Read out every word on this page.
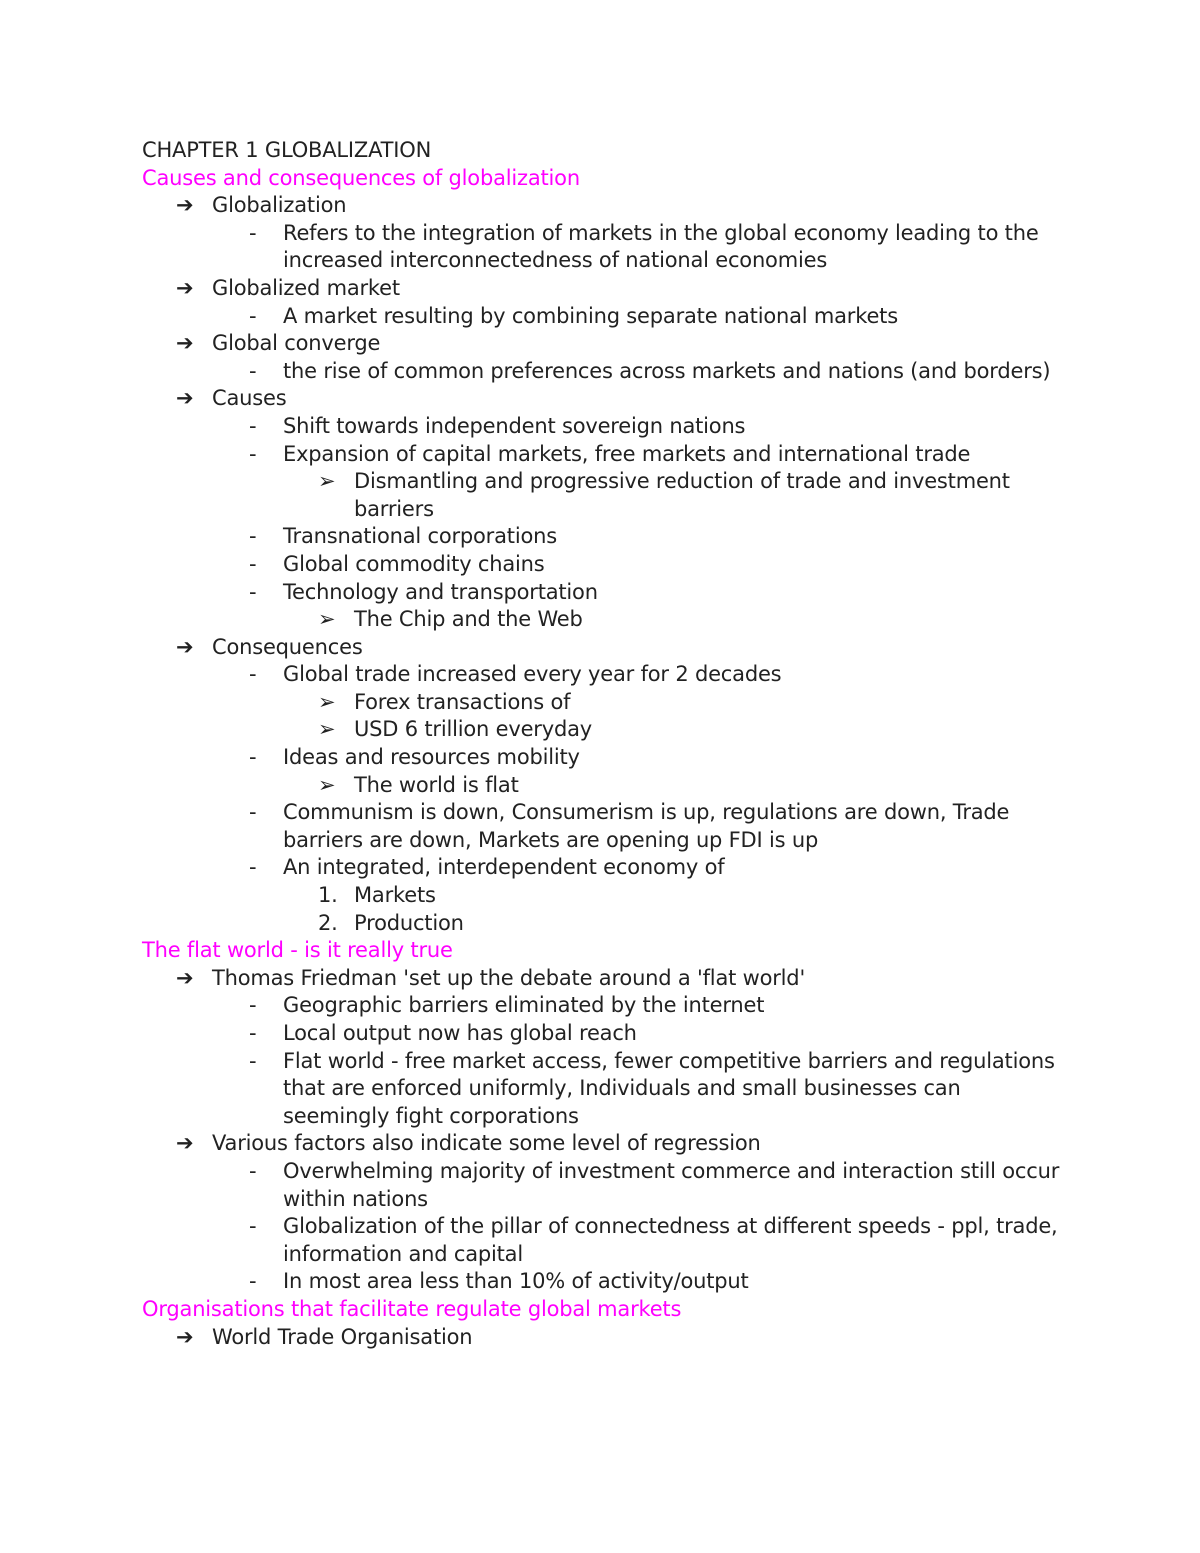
CHAPTER 1 GLOBALIZATION
Causes and consequences of globalization
➔ Globalization
- Refers to the integration of markets in the global economy leading to the increased interconnectedness of national economies
➔ Globalized market
- A market resulting by combining separate national markets
➔ Global converge
- the rise of common preferences across markets and nations (and borders)
➔ Causes
- Shift towards independent sovereign nations
- Expansion of capital markets, free markets and international trade
➢ Dismantling and progressive reduction of trade and investment barriers
- Transnational corporations
- Global commodity chains
- Technology and transportation
➢ The Chip and the Web
➔ Consequences
- Global trade increased every year for 2 decades
➢ Forex transactions of
➢ USD 6 trillion everyday
- Ideas and resources mobility
➢ The world is flat
- Communism is down, Consumerism is up, regulations are down, Trade barriers are down, Markets are opening up FDI is up
- An integrated, interdependent economy of
1. Markets
2. Production
The flat world - is it really true
➔ Thomas Friedman 'set up the debate around a 'flat world'
- Geographic barriers eliminated by the internet
- Local output now has global reach
- Flat world - free market access, fewer competitive barriers and regulations that are enforced uniformly, Individuals and small businesses can seemingly fight corporations
➔ Various factors also indicate some level of regression
- Overwhelming majority of investment commerce and interaction still occur within nations
- Globalization of the pillar of connectedness at different speeds - ppl, trade, information and capital
- In most area less than 10% of activity/output
Organisations that facilitate regulate global markets
➔ World Trade Organisation
